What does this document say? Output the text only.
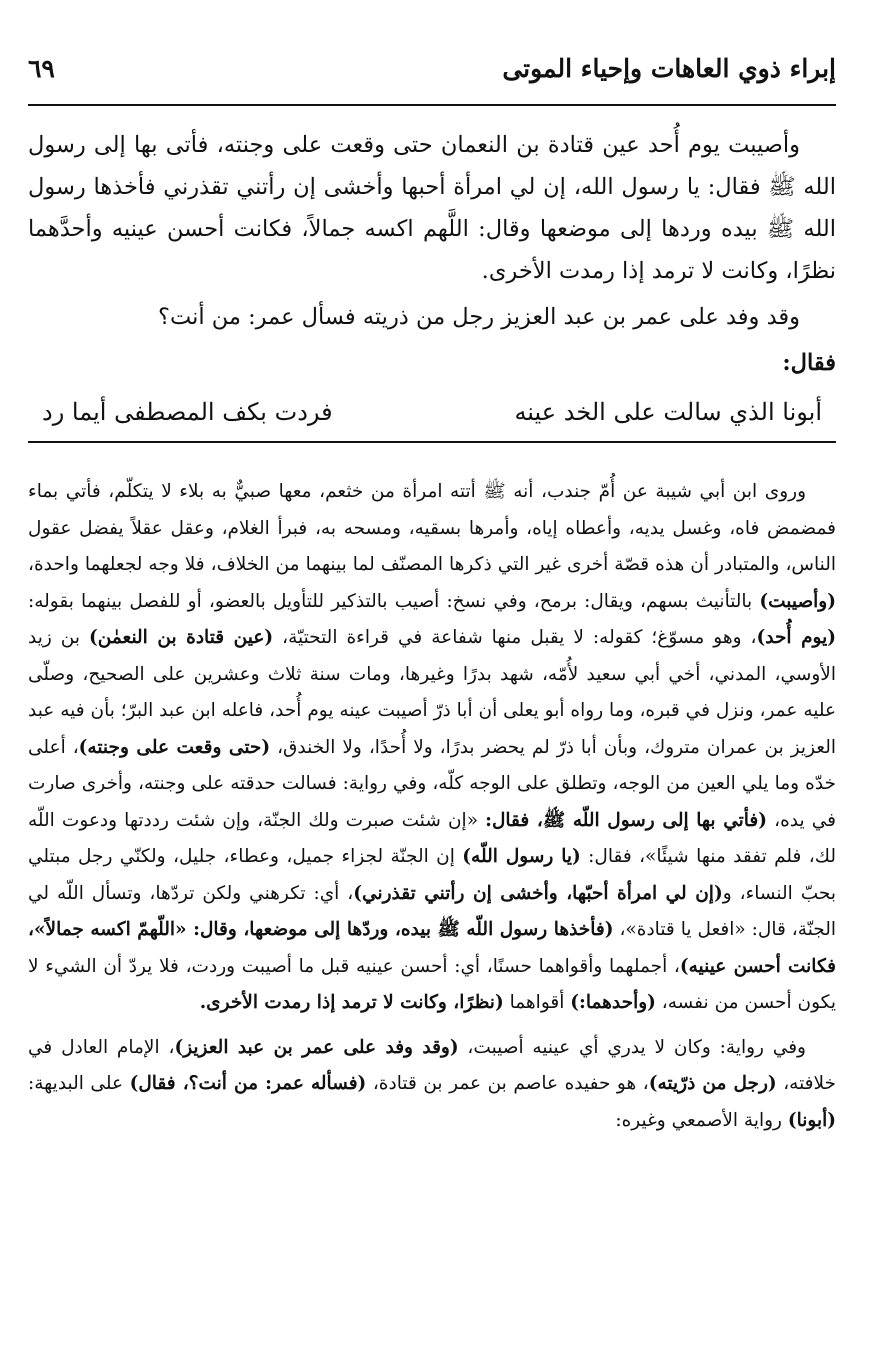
إبراء ذوي العاهات وإحياء الموتى
٦٩

وأصيبت يوم أُحد عين قتادة بن النعمان حتى وقعت على وجنته، فأتى بها إلى رسول الله ﷺ فقال: يا رسول الله، إن لي امرأة أحبها وأخشى إن رأتني تقذرني فأخذها رسول الله ﷺ بيده وردها إلى موضعها وقال: اللَّهم اكسه جمالاً، فكانت أحسن عينيه وأحدَّهما نظرًا، وكانت لا ترمد إذا رمدت الأخرى.

وقد وفد على عمر بن عبد العزيز رجل من ذريته فسأل عمر: من أنت؟

فقال:

أبونا الذي سالت على الخد عينه
فردت بكف المصطفى أيما رد

وروى ابن أبي شيبة عن أُمّ جندب، أنه ﷺ أتته امرأة من خثعم، معها صبيٌّ به بلاء لا يتكلّم، فأتي بماء فمضمض فاه، وغسل يديه، وأعطاه إياه، وأمرها بسقيه، ومسحه به، فبرأ الغلام، وعقل عقلاً يفضل عقول الناس، والمتبادر أن هذه قصّة أخرى غير التي ذكرها المصنّف لما بينهما من الخلاف، فلا وجه لجعلهما واحدة، (وأصيبت) بالتأنيث بسهم، ويقال: برمح، وفي نسخ: أصيب بالتذكير للتأويل بالعضو، أو للفصل بينهما بقوله: (يوم أُحد)، وهو مسوّغ؛ كقوله: لا يقبل منها شفاعة في قراءة التحتيّة، (عين قتادة بن النعمٰن) بن زيد الأوسي، المدني، أخي أبي سعيد لأُمّه، شهد بدرًا وغيرها، ومات سنة ثلاث وعشرين على الصحيح، وصلّى عليه عمر، ونزل في قبره، وما رواه أبو يعلى أن أبا ذرّ أصيبت عينه يوم أُحد، فاعله ابن عبد البرّ؛ بأن فيه عبد العزيز بن عمران متروك، وبأن أبا ذرّ لم يحضر بدرًا، ولا أُحدًا، ولا الخندق، (حتى وقعت على وجنته)، أعلى خدّه وما يلي العين من الوجه، وتطلق على الوجه كلّه، وفي رواية: فسالت حدقته على وجنته، وأخرى صارت في يده، (فأتي بها إلى رسول اللّه ﷺ، فقال: «إن شئت صبرت ولك الجنّة، وإن شئت رددتها ودعوت اللّه لك، فلم تفقد منها شيئًا»، فقال: (يا رسول اللّه) إن الجنّة لجزاء جميل، وعطاء، جليل، ولكنّي رجل مبتلي بحبّ النساء، و(إن لي امرأة أحبّها، وأخشى إن رأتني تقذرني)، أي: تكرهني ولكن تردّها، وتسأل اللّه لي الجنّة، قال: «افعل يا قتادة»، (فأخذها رسول اللّه ﷺ بيده، وردّها إلى موضعها، وقال: «اللّهمّ اكسه جمالاً»، فكانت أحسن عينيه)، أجملهما وأقواهما حسنًا، أي: أحسن عينيه قبل ما أصيبت وردت، فلا يردّ أن الشيء لا يكون أحسن من نفسه، (وأحدهما:) أقواهما (نظرًا، وكانت لا ترمد إذا رمدت الأخرى.

وفي رواية: وكان لا يدري أي عينيه أصيبت، (وقد وفد على عمر بن عبد العزيز)، الإمام العادل في خلافته، (رجل من ذرّيته)، هو حفيده عاصم بن عمر بن قتادة، (فسأله عمر: من أنت؟، فقال) على البديهة: (أبونا) رواية الأصمعي وغيره:
